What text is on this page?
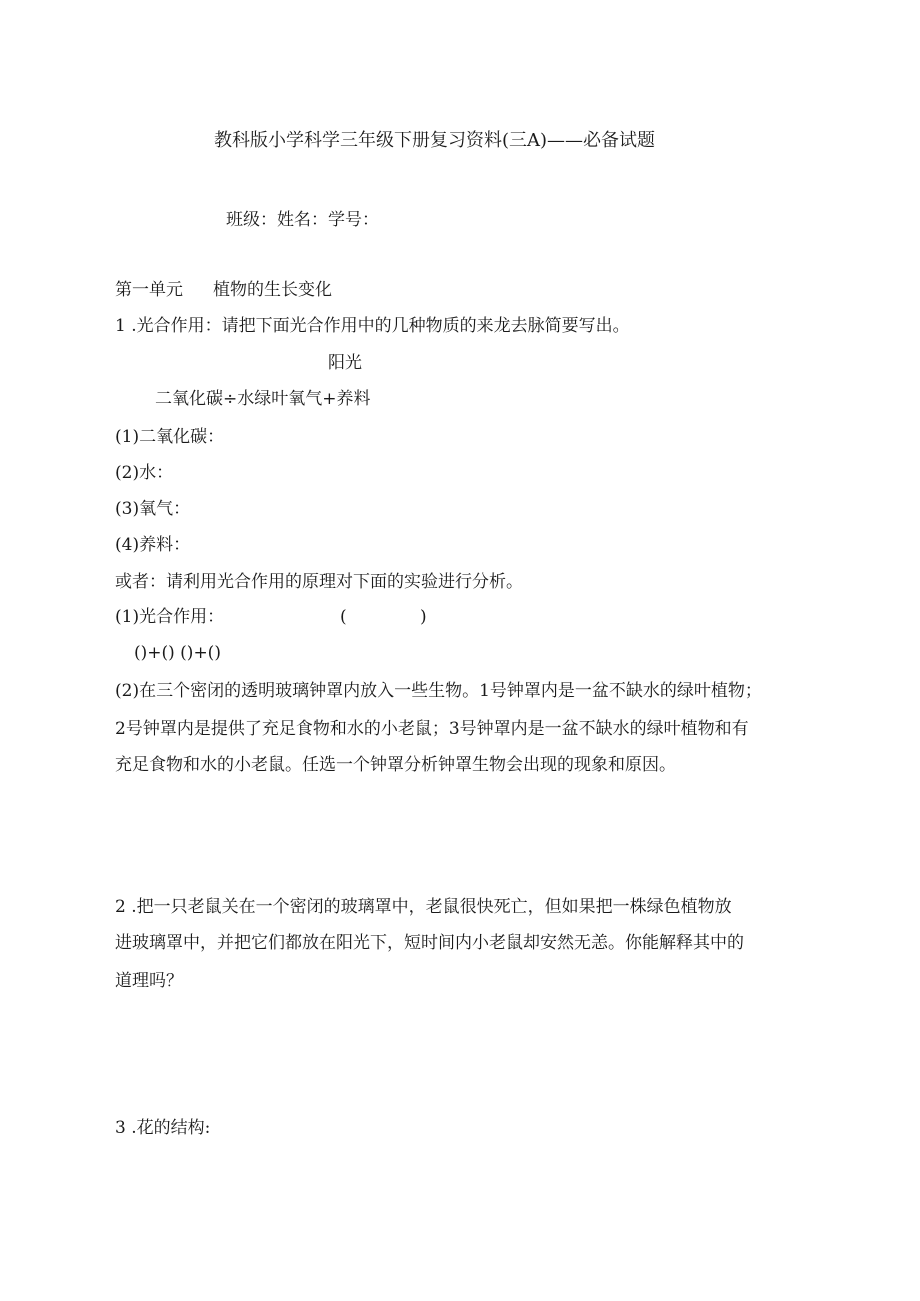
教科版小学科学三年级下册复习资料(三A)——必备试题
班级：姓名：学号：
第一单元 植物的生长变化
1 .光合作用：请把下面光合作用中的几种物质的来龙去脉简要写出。
阳光
二氧化碳÷水绿叶氧气+养料
(1)二氧化碳：
(2)水：
(3)氧气：
(4)养料：
或者：请利用光合作用的原理对下面的实验进行分析。
(1)光合作用：	(	)
()+() ()+()
(2)在三个密闭的透明玻璃钟罩内放入一些生物。1号钟罩内是一盆不缺水的绿叶植物；
2号钟罩内是提供了充足食物和水的小老鼠；3号钟罩内是一盆不缺水的绿叶植物和有
充足食物和水的小老鼠。任选一个钟罩分析钟罩生物会出现的现象和原因。
2 .把一只老鼠关在一个密闭的玻璃罩中，老鼠很快死亡，但如果把一株绿色植物放
进玻璃罩中，并把它们都放在阳光下，短时间内小老鼠却安然无恙。你能解释其中的
道理吗？
3 .花的结构:
